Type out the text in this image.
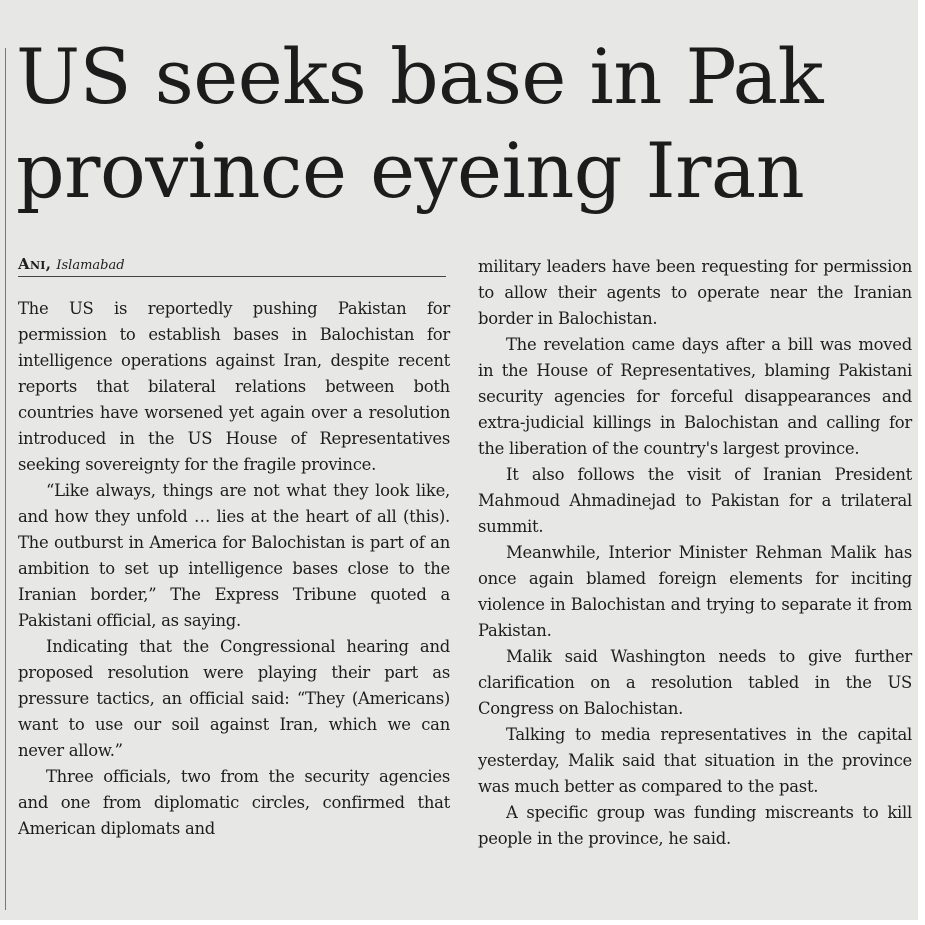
US seeks base in Pak province eyeing Iran
Ani, Islamabad

The US is reportedly pushing Pakistan for permission to establish bases in Balochistan for intelligence operations against Iran, despite recent reports that bilateral relations between both countries have worsened yet again over a resolution introduced in the US House of Representatives seeking sovereignty for the fragile province.

“Like always, things are not what they look like, and how they unfold … lies at the heart of all (this). The outburst in America for Balochistan is part of an ambition to set up intelligence bases close to the Iranian border,” The Express Tribune quoted a Pakistani official, as saying.

Indicating that the Congressional hearing and proposed resolution were playing their part as pressure tactics, an official said: “They (Americans) want to use our soil against Iran, which we can never allow.”

Three officials, two from the security agencies and one from diplomatic circles, confirmed that American diplomats and

military leaders have been requesting for permission to allow their agents to operate near the Iranian border in Balochistan.

The revelation came days after a bill was moved in the House of Representatives, blaming Pakistani security agencies for forceful disappearances and extra-judicial killings in Balochistan and calling for the liberation of the country's largest province.

It also follows the visit of Iranian President Mahmoud Ahmadinejad to Pakistan for a trilateral summit.

Meanwhile, Interior Minister Rehman Malik has once again blamed foreign elements for inciting violence in Balochistan and trying to separate it from Pakistan.

Malik said Washington needs to give further clarification on a resolution tabled in the US Congress on Balochistan.

Talking to media representatives in the capital yesterday, Malik said that situation in the province was much better as compared to the past.

A specific group was funding miscreants to kill people in the province, he said.
